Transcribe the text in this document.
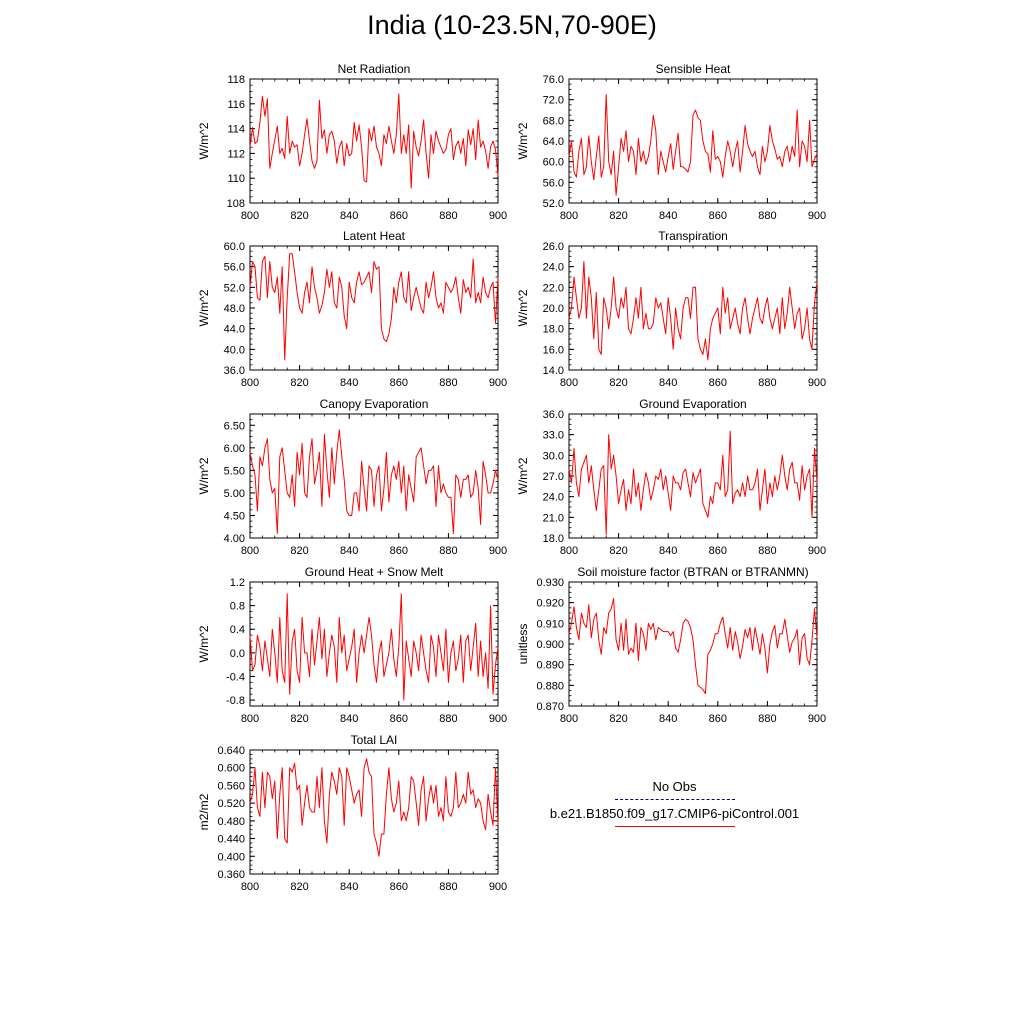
India (10-23.5N,70-90E)
800	820	840	860	880	900
108
110
112
114
116
118
Net Radiation
W/m^2
800	820	840	860	880	900
52.0
56.0
60.0
64.0
68.0
72.0
76.0
Sensible Heat
W/m^2
800	820	840	860	880	900
36.0
40.0
44.0
48.0
52.0
56.0
60.0
Latent Heat
W/m^2
800	820	840	860	880	900
14.0
16.0
18.0
20.0
22.0
24.0
26.0
Transpiration
W/m^2
800	820	840	860	880	900
4.00
4.50
5.00
5.50
6.00
6.50
Canopy Evaporation
W/m^2
800	820	840	860	880	900
18.0
21.0
24.0
27.0
30.0
33.0
36.0
Ground Evaporation
W/m^2
800	820	840	860	880	900
-0.8
-0.4
0.0
0.4
0.8
1.2
Ground Heat + Snow Melt
W/m^2
800	820	840	860	880	900
0.870
0.880
0.890
0.900
0.910
0.920
0.930
Soil moisture factor (BTRAN or BTRANMN)
unitless
800	820	840	860	880	900
0.360
0.400
0.440
0.480
0.520
0.560
0.600
0.640
Total LAI
m2/m2
No Obs
b.e21.B1850.f09_g17.CMIP6-piControl.001
